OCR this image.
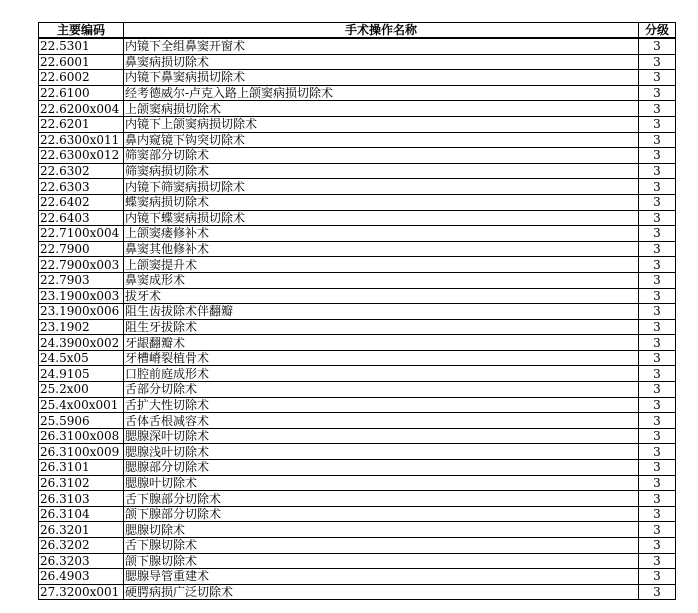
主要编码	手术操作名称	分级
22.5301	内镜下全组鼻窦开窗术	3
22.6001	鼻窦病损切除术	3
22.6002	内镜下鼻窦病损切除术	3
22.6100	经考德威尔-卢克入路上颌窦病损切除术	3
22.6200x004	上颌窦病损切除术	3
22.6201	内镜下上颌窦病损切除术	3
22.6300x011	鼻内窥镜下钩突切除术	3
22.6300x012	筛窦部分切除术	3
22.6302	筛窦病损切除术	3
22.6303	内镜下筛窦病损切除术	3
22.6402	蝶窦病损切除术	3
22.6403	内镜下蝶窦病损切除术	3
22.7100x004	上颌窦瘘修补术	3
22.7900	鼻窦其他修补术	3
22.7900x003	上颌窦提升术	3
22.7903	鼻窦成形术	3
23.1900x003	拔牙术	3
23.1900x006	阻生齿拔除术伴翻瓣	3
23.1902	阻生牙拔除术	3
24.3900x002	牙龈翻瓣术	3
24.5x05	牙槽嵴裂植骨术	3
24.9105	口腔前庭成形术	3
25.2x00	舌部分切除术	3
25.4x00x001	舌扩大性切除术	3
25.5906	舌体舌根减容术	3
26.3100x008	腮腺深叶切除术	3
26.3100x009	腮腺浅叶切除术	3
26.3101	腮腺部分切除术	3
26.3102	腮腺叶切除术	3
26.3103	舌下腺部分切除术	3
26.3104	颌下腺部分切除术	3
26.3201	腮腺切除术	3
26.3202	舌下腺切除术	3
26.3203	颌下腺切除术	3
26.4903	腮腺导管重建术	3
27.3200x001	硬腭病损广泛切除术	3
